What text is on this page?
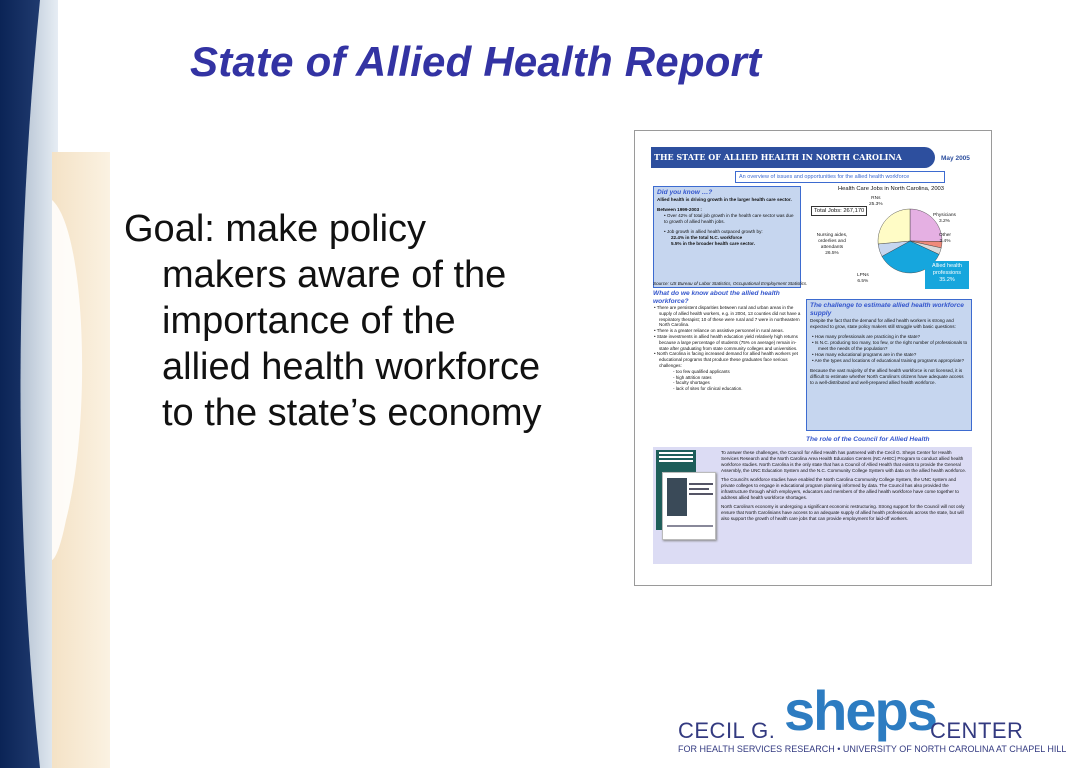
State of Allied Health Report
Goal: make policy
makers aware of the
importance of the
allied health workforce
to the state’s economy
THE STATE OF ALLIED HEALTH IN NORTH CAROLINA	May 2005
An overview of issues and opportunities for the allied health workforce
Did you know …?
Allied health is driving growth in the larger health care sector.
Between 1999-2003 :
• Over 42% of total job growth in the health care sector was due to growth of allied health jobs.
• Job growth in allied health outpaced growth by:
22.4% in the total N.C. workforce
5.5% in the broader health care sector.
Health Care Jobs in North Carolina, 2003
Total Jobs: 267,170
RNs
25.3%
Physicians
3.2%
Other
3.4%
Nursing aides, orderlies and attendants
26.5%
LPNs
6.5%
Allied health professions
35.2%
Source: US Bureau of Labor Statistics, Occupational Employment Statistics.
What do we know about the allied health workforce?
• There are persistent disparities between rural and urban areas in the supply of allied health workers, e.g. in 2004, 13 counties did not have a respiratory therapist; 10 of these were rural and 7 were in northeastern North Carolina.
• There is a greater reliance on assistive personnel in rural areas.
• State investments in allied health education yield relatively high returns because a large percentage of students (75% on average) remain in-state after graduating from state community colleges and universities.
• North Carolina is facing increased demand for allied health workers yet educational programs that produce these graduates face serious challenges:
- too few qualified applicants
- high attrition rates
- faculty shortages
- lack of sites for clinical education.
The challenge to estimate allied health workforce supply
Despite the fact that the demand for allied health workers is strong and expected to grow, state policy makers still struggle with basic questions:
• How many professionals are practicing in the state?
• Is N.C. producing too many, too few, or the right number of professionals to meet the needs of the population?
• How many educational programs are in the state?
• Are the types and locations of educational training programs appropriate?
Because the vast majority of the allied health workforce is not licensed, it is difficult to estimate whether North Carolina's citizens have adequate access to a well-distributed and well-prepared allied health workforce.
The role of the Council for Allied Health
To answer these challenges, the Council for Allied Health has partnered with the Cecil G. Sheps Center for Health Services Research and the North Carolina Area Health Education Centers (NC AHEC) Program to conduct allied health workforce studies. North Carolina is the only state that has a Council of Allied Health that exists to provide the General Assembly, the UNC Education System and the N.C. Community College System with data on the allied health workforce.
The Council's workforce studies have enabled the North Carolina Community College System, the UNC system and private colleges to engage in educational program planning informed by data. The Council has also provided the infrastructure through which employers, educators and members of the allied health workforce have come together to address allied health workforce shortages.
North Carolina's economy is undergoing a significant economic restructuring. Strong support for the Council will not only ensure that North Carolinians have access to an adequate supply of allied health professionals across the state, but will also support the growth of health care jobs that can provide employment for laid-off workers.
CECIL G. sheps
CENTER
FOR HEALTH SERVICES RESEARCH • UNIVERSITY OF NORTH CAROLINA AT CHAPEL HILL
